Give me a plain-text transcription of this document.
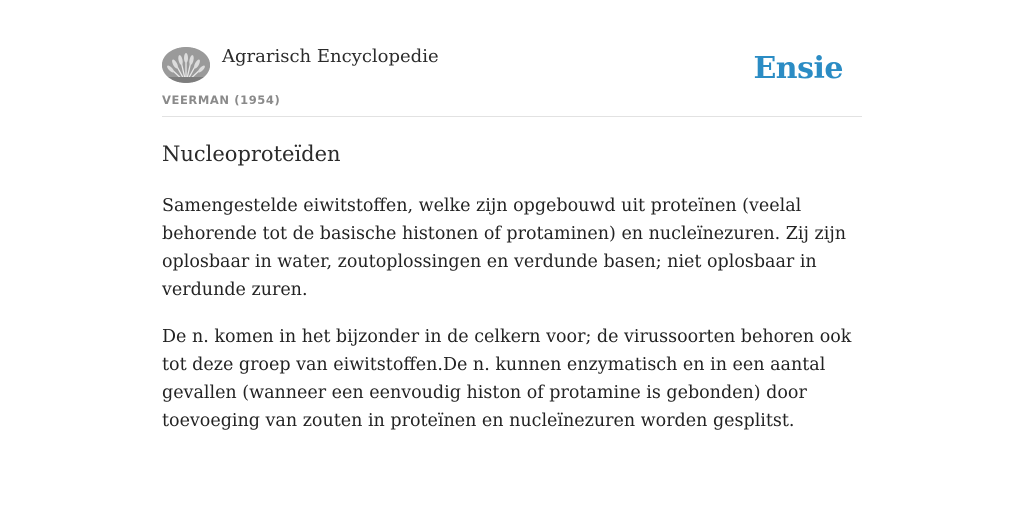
Agrarisch Encyclopedie
VEERMAN (1954)
Ensie
Nucleoproteïden

Samengestelde eiwitstoffen, welke zijn opgebouwd uit proteïnen (veelal behorende tot de basische histonen of protaminen) en nucleïnezuren. Zij zijn oplosbaar in water, zoutoplossingen en verdunde basen; niet oplosbaar in verdunde zuren.

De n. komen in het bijzonder in de celkern voor; de virussoorten behoren ook tot deze groep van eiwitstoffen.De n. kunnen enzymatisch en in een aantal gevallen (wanneer een eenvoudig histon of protamine is gebonden) door toevoeging van zouten in proteïnen en nucleïnezuren worden gesplitst.
